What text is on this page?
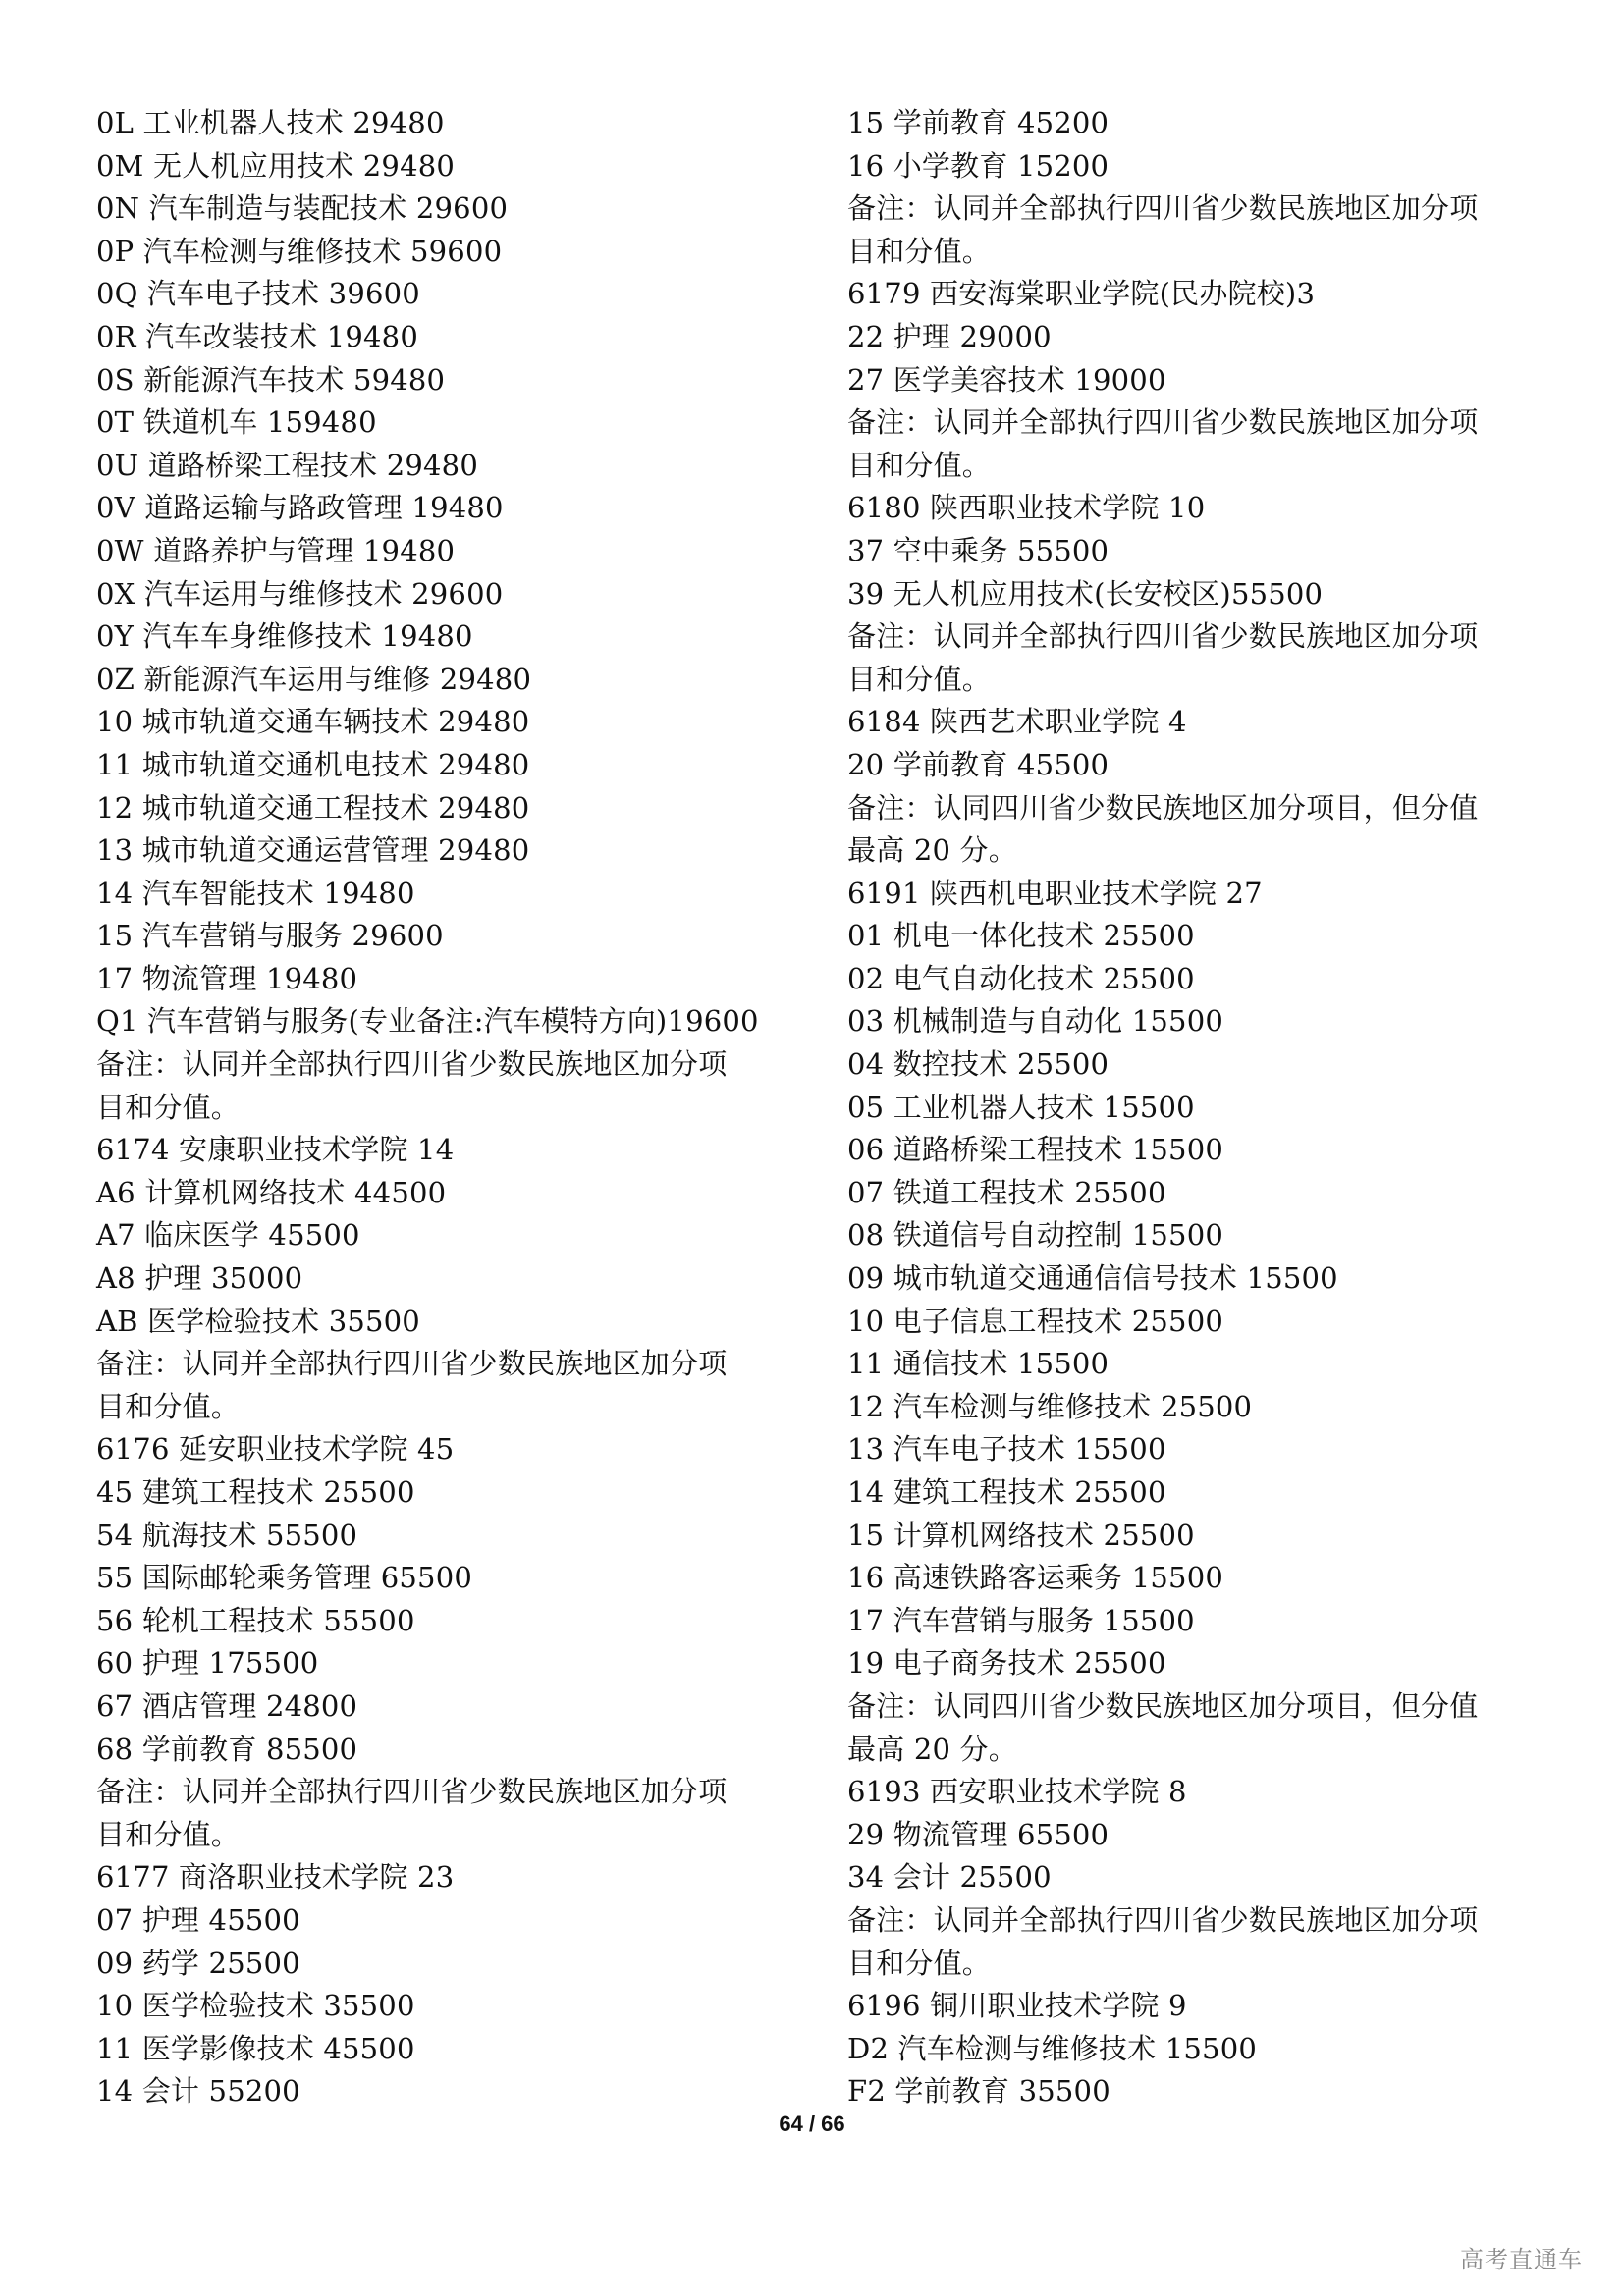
0L 工业机器人技术 29480
0M 无人机应用技术 29480
0N 汽车制造与装配技术 29600
0P 汽车检测与维修技术 59600
0Q 汽车电子技术 39600
0R 汽车改装技术 19480
0S 新能源汽车技术 59480
0T 铁道机车 159480
0U 道路桥梁工程技术 29480
0V 道路运输与路政管理 19480
0W 道路养护与管理 19480
0X 汽车运用与维修技术 29600
0Y 汽车车身维修技术 19480
0Z 新能源汽车运用与维修 29480
10 城市轨道交通车辆技术 29480
11 城市轨道交通机电技术 29480
12 城市轨道交通工程技术 29480
13 城市轨道交通运营管理 29480
14 汽车智能技术 19480
15 汽车营销与服务 29600
17 物流管理 19480
Q1 汽车营销与服务(专业备注:汽车模特方向)19600
备注：认同并全部执行四川省少数民族地区加分项
目和分值。
6174 安康职业技术学院 14
A6 计算机网络技术 44500
A7 临床医学 45500
A8 护理 35000
AB 医学检验技术 35500
备注：认同并全部执行四川省少数民族地区加分项
目和分值。
6176 延安职业技术学院 45
45 建筑工程技术 25500
54 航海技术 55500
55 国际邮轮乘务管理 65500
56 轮机工程技术 55500
60 护理 175500
67 酒店管理 24800
68 学前教育 85500
备注：认同并全部执行四川省少数民族地区加分项
目和分值。
6177 商洛职业技术学院 23
07 护理 45500
09 药学 25500
10 医学检验技术 35500
11 医学影像技术 45500
14 会计 55200
15 学前教育 45200
16 小学教育 15200
备注：认同并全部执行四川省少数民族地区加分项
目和分值。
6179 西安海棠职业学院(民办院校)3
22 护理 29000
27 医学美容技术 19000
备注：认同并全部执行四川省少数民族地区加分项
目和分值。
6180 陕西职业技术学院 10
37 空中乘务 55500
39 无人机应用技术(长安校区)55500
备注：认同并全部执行四川省少数民族地区加分项
目和分值。
6184 陕西艺术职业学院 4
20 学前教育 45500
备注：认同四川省少数民族地区加分项目，但分值
最高 20 分。
6191 陕西机电职业技术学院 27
01 机电一体化技术 25500
02 电气自动化技术 25500
03 机械制造与自动化 15500
04 数控技术 25500
05 工业机器人技术 15500
06 道路桥梁工程技术 15500
07 铁道工程技术 25500
08 铁道信号自动控制 15500
09 城市轨道交通通信信号技术 15500
10 电子信息工程技术 25500
11 通信技术 15500
12 汽车检测与维修技术 25500
13 汽车电子技术 15500
14 建筑工程技术 25500
15 计算机网络技术 25500
16 高速铁路客运乘务 15500
17 汽车营销与服务 15500
19 电子商务技术 25500
备注：认同四川省少数民族地区加分项目，但分值
最高 20 分。
6193 西安职业技术学院 8
29 物流管理 65500
34 会计 25500
备注：认同并全部执行四川省少数民族地区加分项
目和分值。
6196 铜川职业技术学院 9
D2 汽车检测与维修技术 15500
F2 学前教育 35500
64 / 66
高考直通车
